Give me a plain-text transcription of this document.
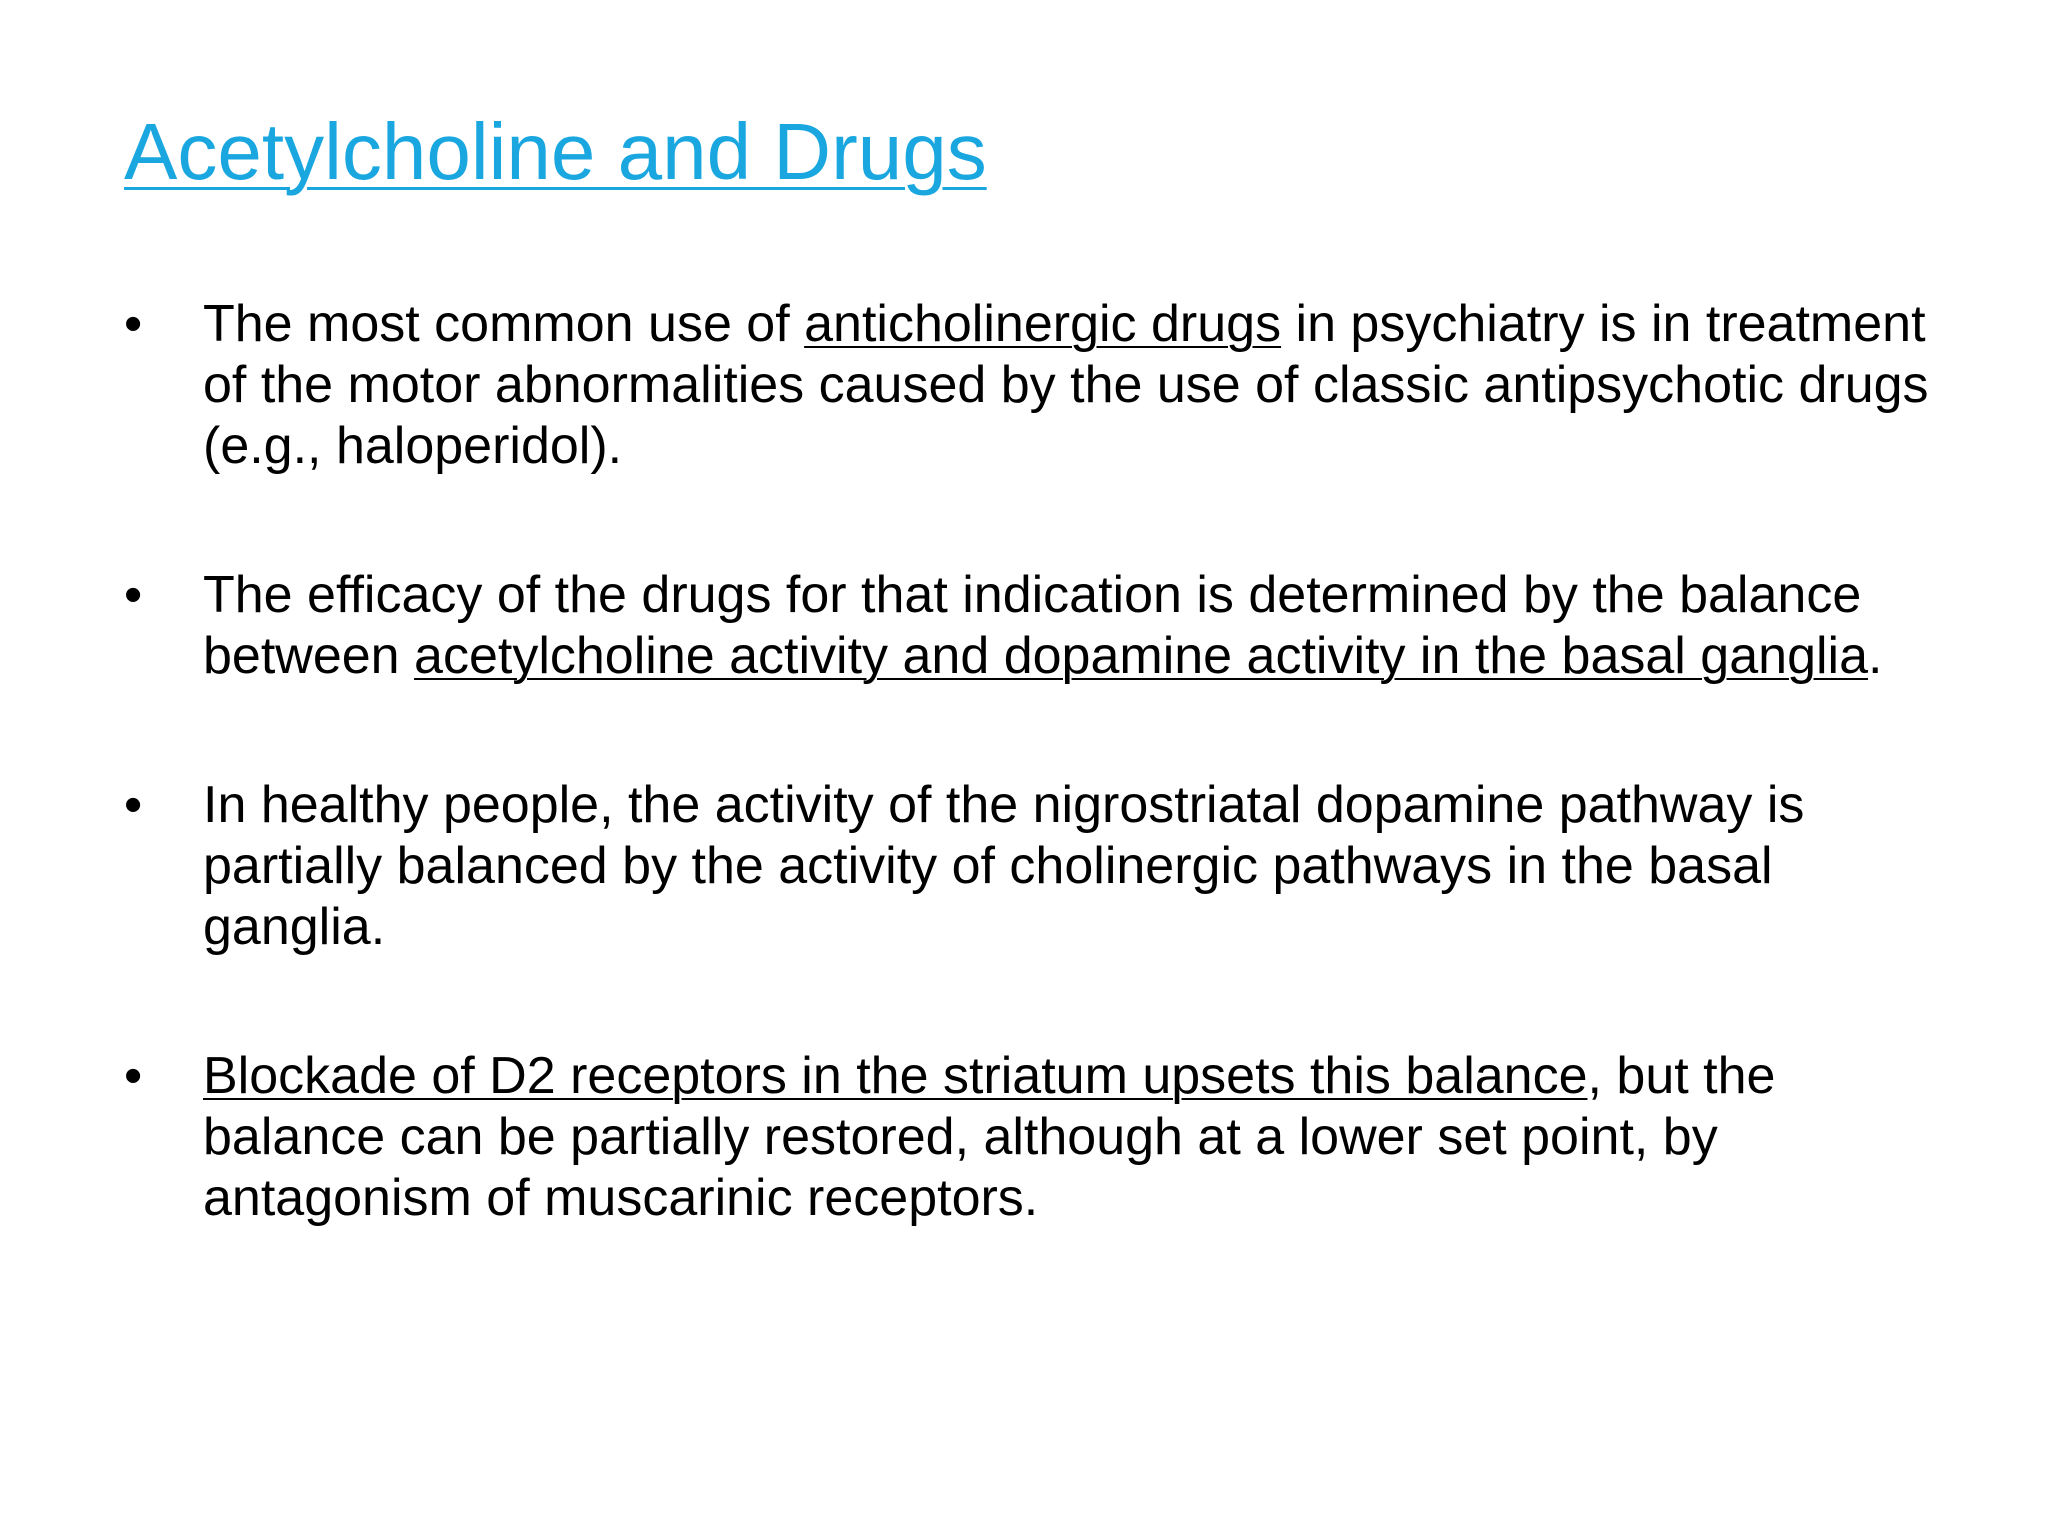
Acetylcholine and Drugs
•	The most common use of anticholinergic drugs in psychiatry is in treatment of the motor abnormalities caused by the use of classic antipsychotic drugs (e.g., haloperidol).
•	The efficacy of the drugs for that indication is determined by the balance between acetylcholine activity and dopamine activity in the basal ganglia.
•	In healthy people, the activity of the nigrostriatal dopamine pathway is partially balanced by the activity of cholinergic pathways in the basal ganglia.
•	Blockade of D2 receptors in the striatum upsets this balance, but the balance can be partially restored, although at a lower set point, by antagonism of muscarinic receptors.
